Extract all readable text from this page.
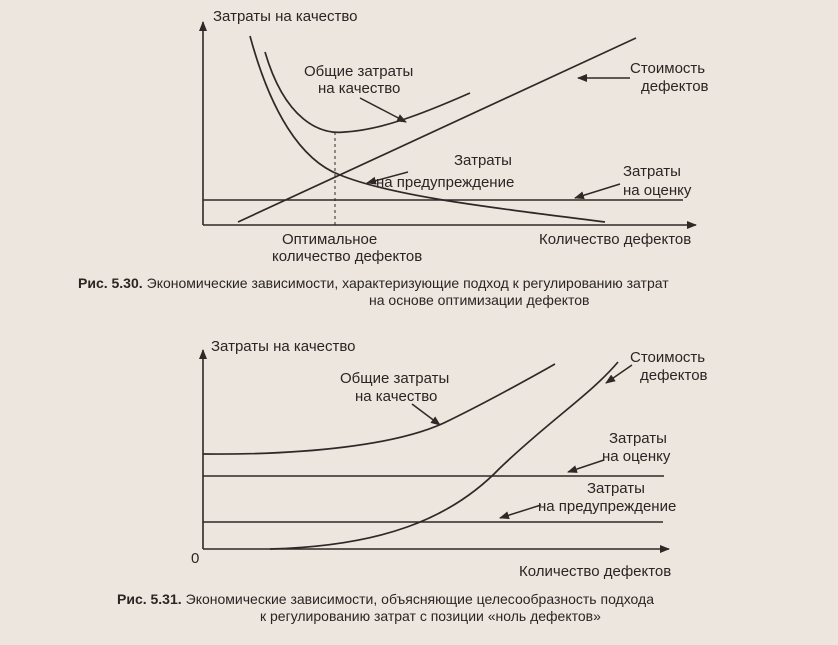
Затраты на качество
Общие затраты
на качество
Стоимость
дефектов
Затраты
на предупреждение
Затраты
на оценку
Оптимальное
количество дефектов
Количество дефектов
Рис. 5.30. Экономические зависимости, характеризующие подход к регулированию затрат
на основе оптимизации дефектов
Затраты на качество
Общие затраты
на качество
Стоимость
дефектов
Затраты
на оценку
Затраты
на предупреждение
0
Количество дефектов
Рис. 5.31. Экономические зависимости, объясняющие целесообразность подхода
к регулированию затрат с позиции «ноль дефектов»
